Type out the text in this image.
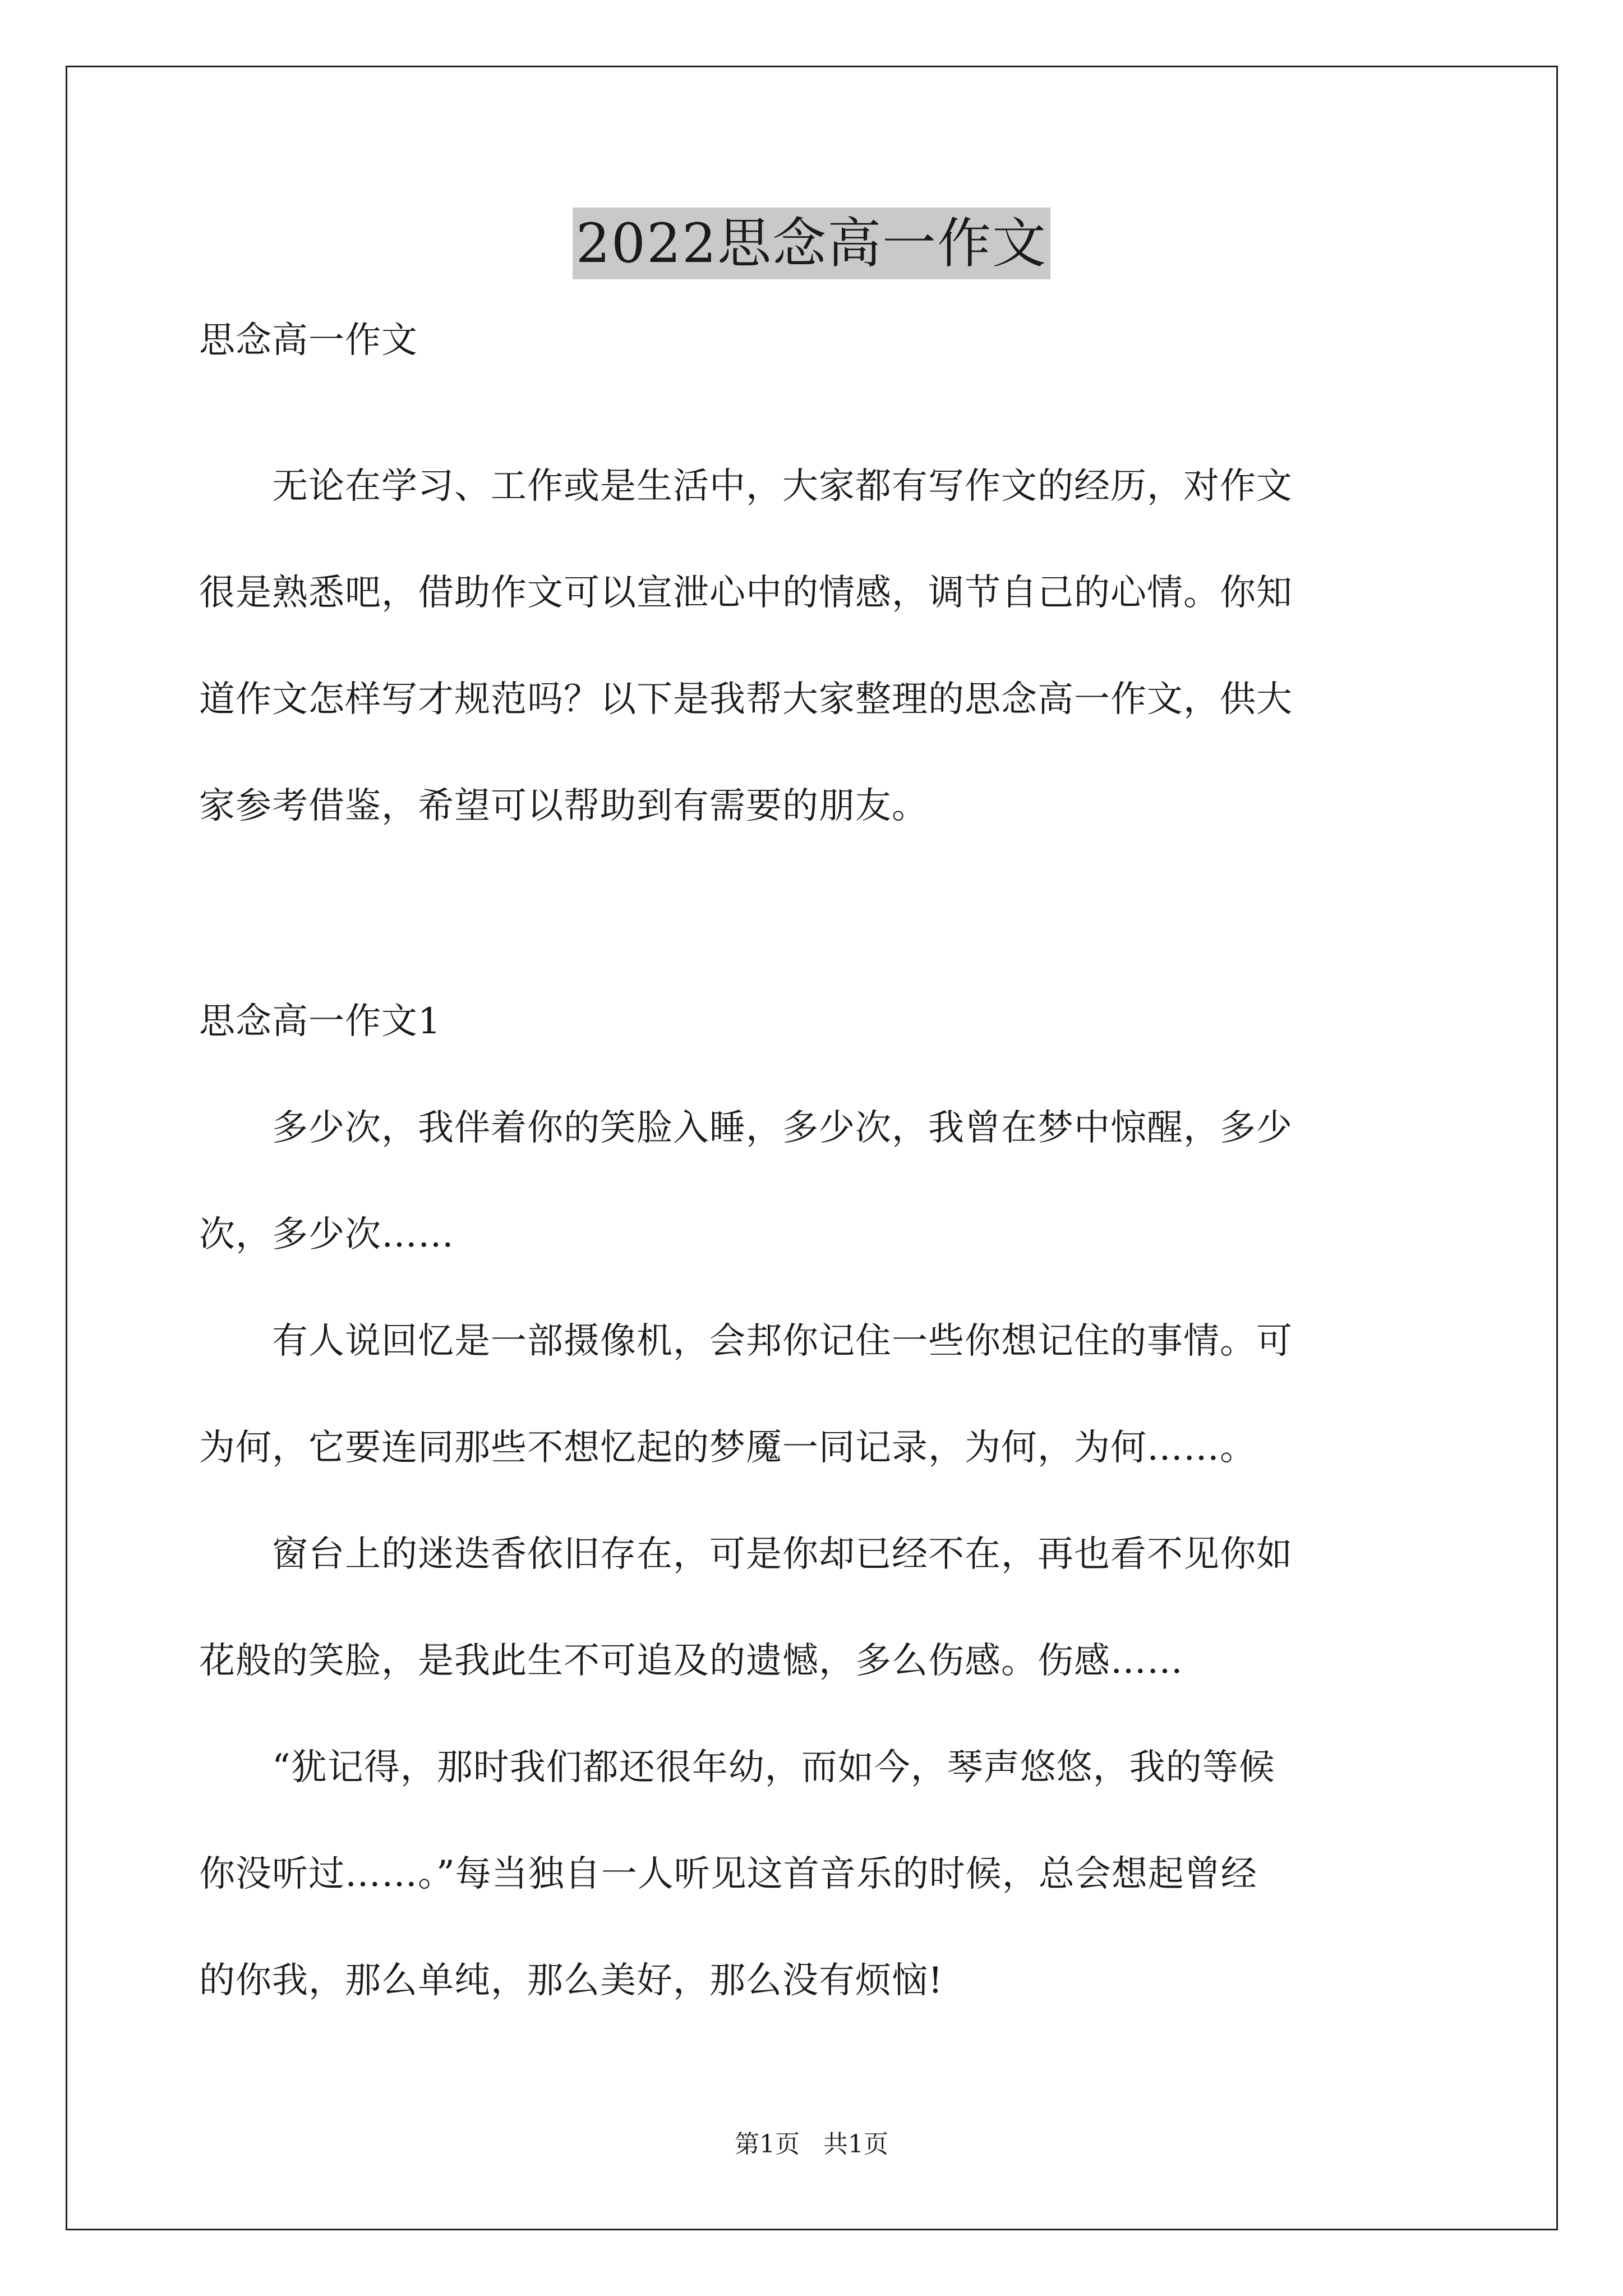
2022思念高一作文
思念高一作文
　　无论在学习、工作或是生活中，大家都有写作文的经历，对作文
很是熟悉吧，借助作文可以宣泄心中的情感，调节自己的心情。你知
道作文怎样写才规范吗？以下是我帮大家整理的思念高一作文，供大
家参考借鉴，希望可以帮助到有需要的朋友。
思念高一作文1
　　多少次，我伴着你的笑脸入睡，多少次，我曾在梦中惊醒，多少
次，多少次……
　　有人说回忆是一部摄像机，会邦你记住一些你想记住的事情。可
为何，它要连同那些不想忆起的梦魇一同记录，为何，为何……。
　　窗台上的迷迭香依旧存在，可是你却已经不在，再也看不见你如
花般的笑脸，是我此生不可追及的遗憾，多么伤感。伤感……
　　“犹记得，那时我们都还很年幼，而如今，琴声悠悠，我的等候
你没听过……。”每当独自一人听见这首音乐的时候，总会想起曾经
的你我，那么单纯，那么美好，那么没有烦恼!
第1页   共1页
